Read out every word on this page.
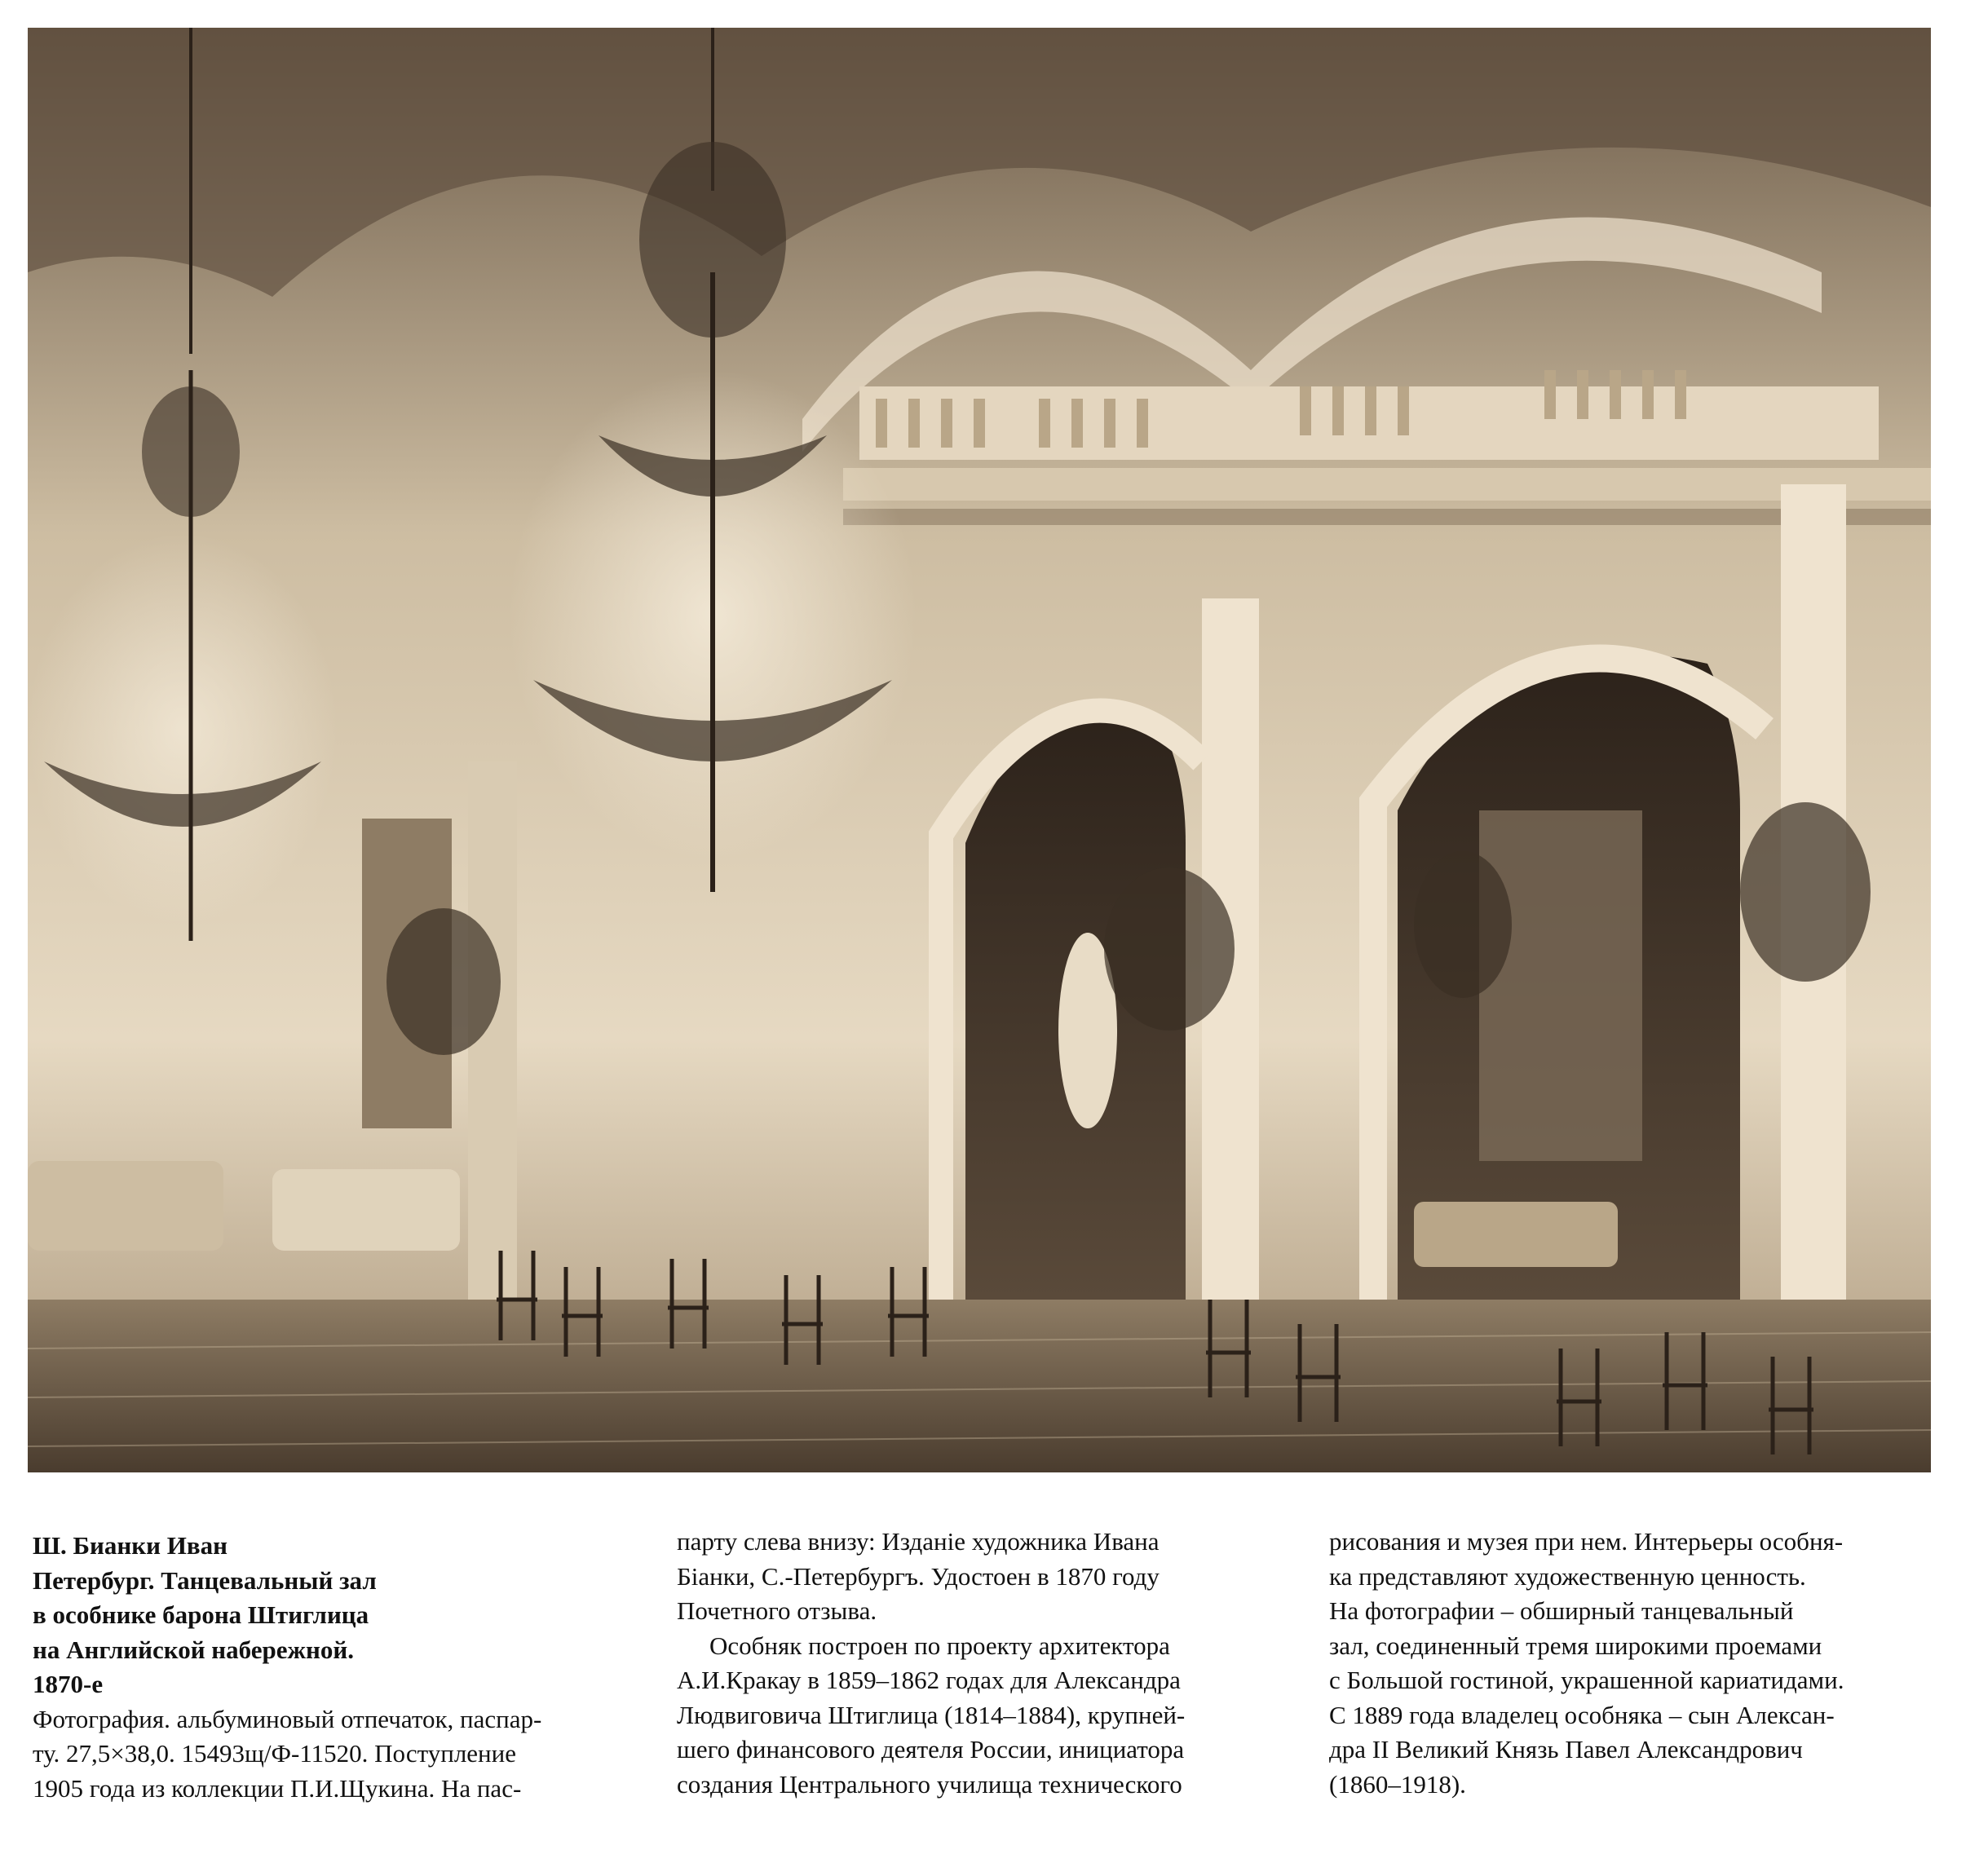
Ш. Бианки Иван

Петербург. Танцевальный зал

в особнике барона Штиглица

на Английской набережной.

1870-е

Фотография. альбуминовый отпечаток, паспар-

ту. 27,5×38,0. 15493щ/Ф-11520. Поступление

1905 года из коллекции П.И.Щукина. На пас-

парту слева внизу: Изданіе художника Ивана

Біанки, С.-Петербургъ. Удостоен в 1870 году

Почетного отзыва.

Особняк построен по проекту архитектора

А.И.Кракау в 1859–1862 годах для Александра

Людвиговича Штиглица (1814–1884), крупней-

шего финансового деятеля России, инициатора

создания Центрального училища технического

рисования и музея при нем. Интерьеры особня-

ка представляют художественную ценность.

На фотографии – обширный танцевальный

зал, соединенный тремя широкими проемами

с Большой гостиной, украшенной кариатидами.

С 1889 года владелец особняка – сын Алексан-

дра II Великий Князь Павел Александрович

(1860–1918).
